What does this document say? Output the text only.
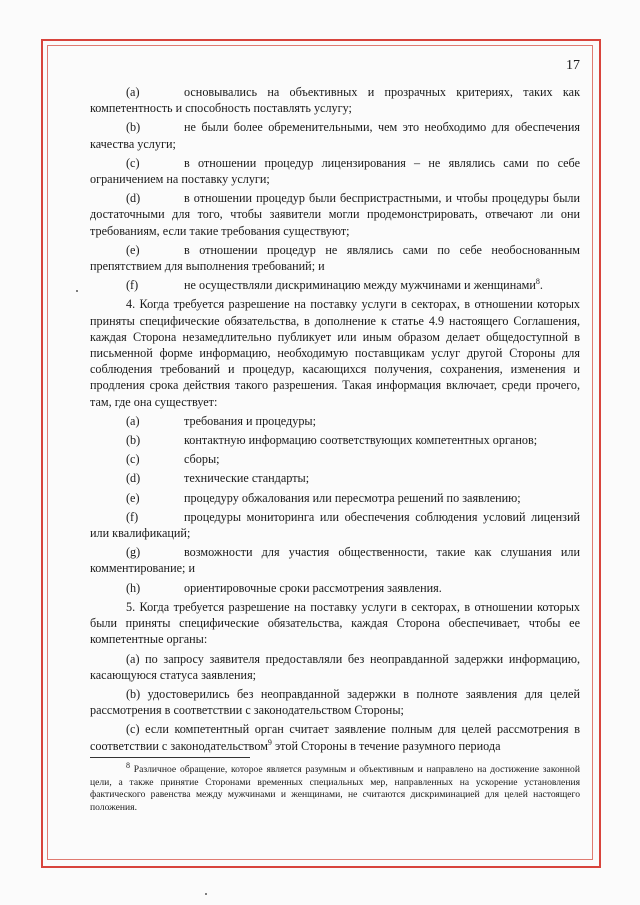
17
(a)	основывались на объективных и прозрачных критериях, таких как компетентность и способность поставлять услугу;
(b)	не были более обременительными, чем это необходимо для обеспечения качества услуги;
(c)	в отношении процедур лицензирования – не являлись сами по себе ограничением на поставку услуги;
(d)	в отношении процедур были беспристрастными, и чтобы процедуры были достаточными для того, чтобы заявители могли продемонстрировать, отвечают ли они требованиям, если такие требования существуют;
(e)	в отношении процедур не являлись сами по себе необоснованным препятствием для выполнения требований; и
(f)	не осуществляли дискриминацию между мужчинами и женщинами$^8$.

4. Когда требуется разрешение на поставку услуги в секторах, в отношении которых приняты специфические обязательства, в дополнение к статье 4.9 настоящего Соглашения, каждая Сторона незамедлительно публикует или иным образом делает общедоступной в письменной форме информацию, необходимую поставщикам услуг другой Стороны для соблюдения требований и процедур, касающихся получения, сохранения, изменения и продления срока действия такого разрешения. Такая информация включает, среди прочего, там, где она существует:

(a)	требования и процедуры;
(b)	контактную информацию соответствующих компетентных органов;
(c)	сборы;
(d)	технические стандарты;
(e)	процедуру обжалования или пересмотра решений по заявлению;
(f)	процедуры мониторинга или обеспечения соблюдения условий лицензий или квалификаций;
(g)	возможности для участия общественности, такие как слушания или комментирование; и
(h)	ориентировочные сроки рассмотрения заявления.

5. Когда требуется разрешение на поставку услуги в секторах, в отношении которых были приняты специфические обязательства, каждая Сторона обеспечивает, чтобы ее компетентные органы:

(a) по запросу заявителя предоставляли без неоправданной задержки информацию, касающуюся статуса заявления;

(b) удостоверились без неоправданной задержки в полноте заявления для целей рассмотрения в соответствии с законодательством Стороны;

(c) если компетентный орган считает заявление полным для целей рассмотрения в соответствии с законодательством$^9$ этой Стороны в течение разумного периода

$^8$ Различное обращение, которое является разумным и объективным и направлено на достижение законной цели, а также принятие Сторонами временных специальных мер, направленных на ускорение установления фактического равенства между мужчинами и женщинами, не считаются дискриминацией для целей настоящего положения.
